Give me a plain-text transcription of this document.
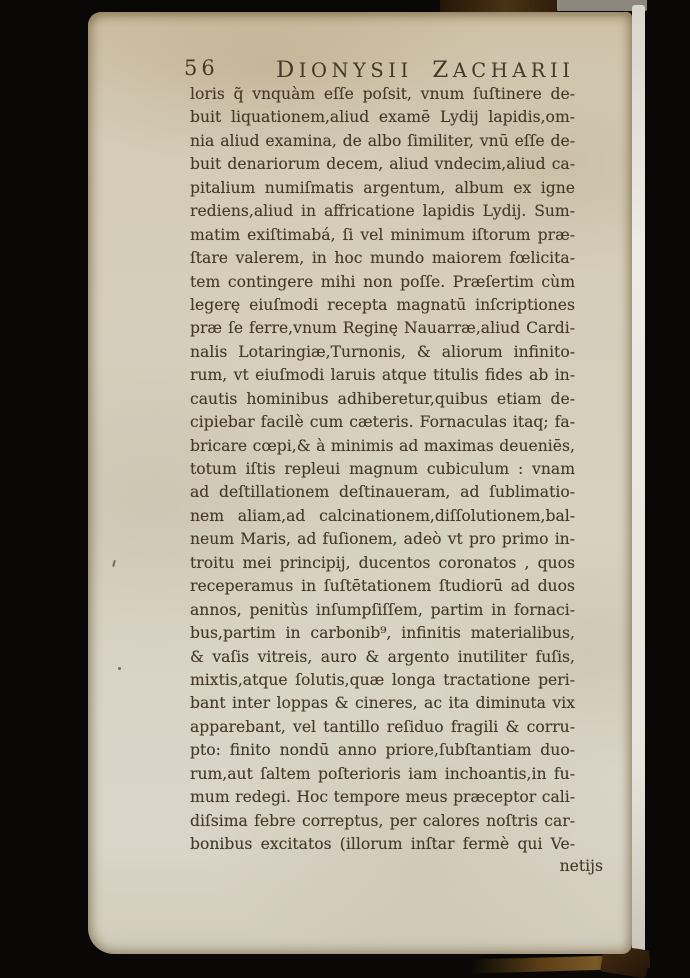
56	DIONYSII ZACHARII
loris q̃ vnquàm eſſe poſsit, vnum ſuſtinere de-
buit liquationem,aliud examē Lydij lapidis,om-
nia aliud examina, de albo ſimiliter, vnū eſſe de-
buit denariorum decem, aliud vndecim,aliud ca-
pitalium numiſmatis argentum, album ex igne
rediens,aliud in affricatione lapidis Lydij. Sum-
matim exiſtimabá, ſi vel minimum iſtorum præ-
ſtare valerem, in hoc mundo maiorem fœlicita-
tem contingere mihi non poſſe. Præſertim cùm
legerę eiuſmodi recepta magnatū inſcriptiones
præ ſe ferre,vnum Reginę Nauarræ,aliud Cardi-
nalis Lotaringiæ,Turnonis, & aliorum infinito-
rum, vt eiuſmodi laruis atque titulis fides ab in-
cautis hominibus adhiberetur,quibus etiam de-
cipiebar facilè cum cæteris. Fornaculas itaq; fa-
bricare cœpi,& à minimis ad maximas deueniēs,
totum iſtis repleui magnum cubiculum : vnam
ad deſtillationem deſtinaueram, ad ſublimatio-
nem aliam,ad calcinationem,diſſolutionem,bal-
neum Maris, ad fuſionem, adeò vt pro primo in-
troitu mei principij, ducentos coronatos , quos
receperamus in ſuſtētationem ſtudiorū ad duos
annos, penitùs inſumpſiſſem, partim in fornaci-
bus,partim in carbonib⁹, infinitis materialibus,
& vaſis vitreis, auro & argento inutiliter fuſis,
mixtis,atque ſolutis,quæ longa tractatione peri-
bant inter loppas & cineres, ac ita diminuta vix
apparebant, vel tantillo reſiduo fragili & corru-
pto: finito nondū anno priore,ſubſtantiam duo-
rum,aut ſaltem poſterioris iam inchoantis,in fu-
mum redegi. Hoc tempore meus præceptor cali-
diſsima febre correptus, per calores noſtris car-
bonibus excitatos (illorum inſtar fermè qui Ve-
netijs
